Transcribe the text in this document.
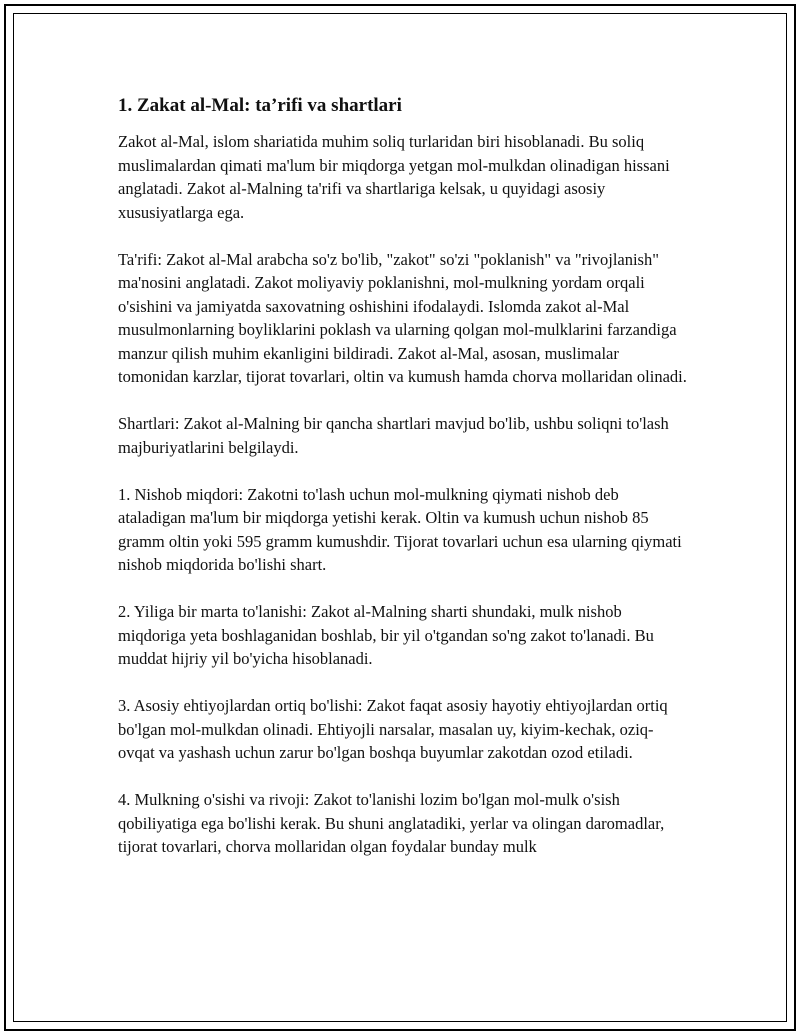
1. Zakat al-Mal: ta’rifi va shartlari

Zakot al-Mal, islom shariatida muhim soliq turlaridan biri hisoblanadi. Bu soliq muslimalardan qimati ma'lum bir miqdorga yetgan mol-mulkdan olinadigan hissani anglatadi. Zakot al-Malning ta'rifi va shartlariga kelsak, u quyidagi asosiy xususiyatlarga ega.

Ta'rifi: Zakot al-Mal arabcha so'z bo'lib, "zakot" so'zi "poklanish" va "rivojlanish" ma'nosini anglatadi. Zakot moliyaviy poklanishni, mol-mulkning yordam orqali o'sishini va jamiyatda saxovatning oshishini ifodalaydi. Islomda zakot al-Mal musulmonlarning boyliklarini poklash va ularning qolgan mol-mulklarini farzandiga manzur qilish muhim ekanligini bildiradi. Zakot al-Mal, asosan, muslimalar tomonidan karzlar, tijorat tovarlari, oltin va kumush hamda chorva mollaridan olinadi.

Shartlari: Zakot al-Malning bir qancha shartlari mavjud bo'lib, ushbu soliqni to'lash majburiyatlarini belgilaydi.

1. Nishob miqdori: Zakotni to'lash uchun mol-mulkning qiymati nishob deb ataladigan ma'lum bir miqdorga yetishi kerak. Oltin va kumush uchun nishob 85 gramm oltin yoki 595 gramm kumushdir. Tijorat tovarlari uchun esa ularning qiymati nishob miqdorida bo'lishi shart.

2. Yiliga bir marta to'lanishi: Zakot al-Malning sharti shundaki, mulk nishob miqdoriga yeta boshlaganidan boshlab, bir yil o'tgandan so'ng zakot to'lanadi. Bu muddat hijriy yil bo'yicha hisoblanadi.

3. Asosiy ehtiyojlardan ortiq bo'lishi: Zakot faqat asosiy hayotiy ehtiyojlardan ortiq bo'lgan mol-mulkdan olinadi. Ehtiyojli narsalar, masalan uy, kiyim-kechak, oziq-ovqat va yashash uchun zarur bo'lgan boshqa buyumlar zakotdan ozod etiladi.

4. Mulkning o'sishi va rivoji: Zakot to'lanishi lozim bo'lgan mol-mulk o'sish qobiliyatiga ega bo'lishi kerak. Bu shuni anglatadiki, yerlar va olingan daromadlar, tijorat tovarlari, chorva mollaridan olgan foydalar bunday mulk
